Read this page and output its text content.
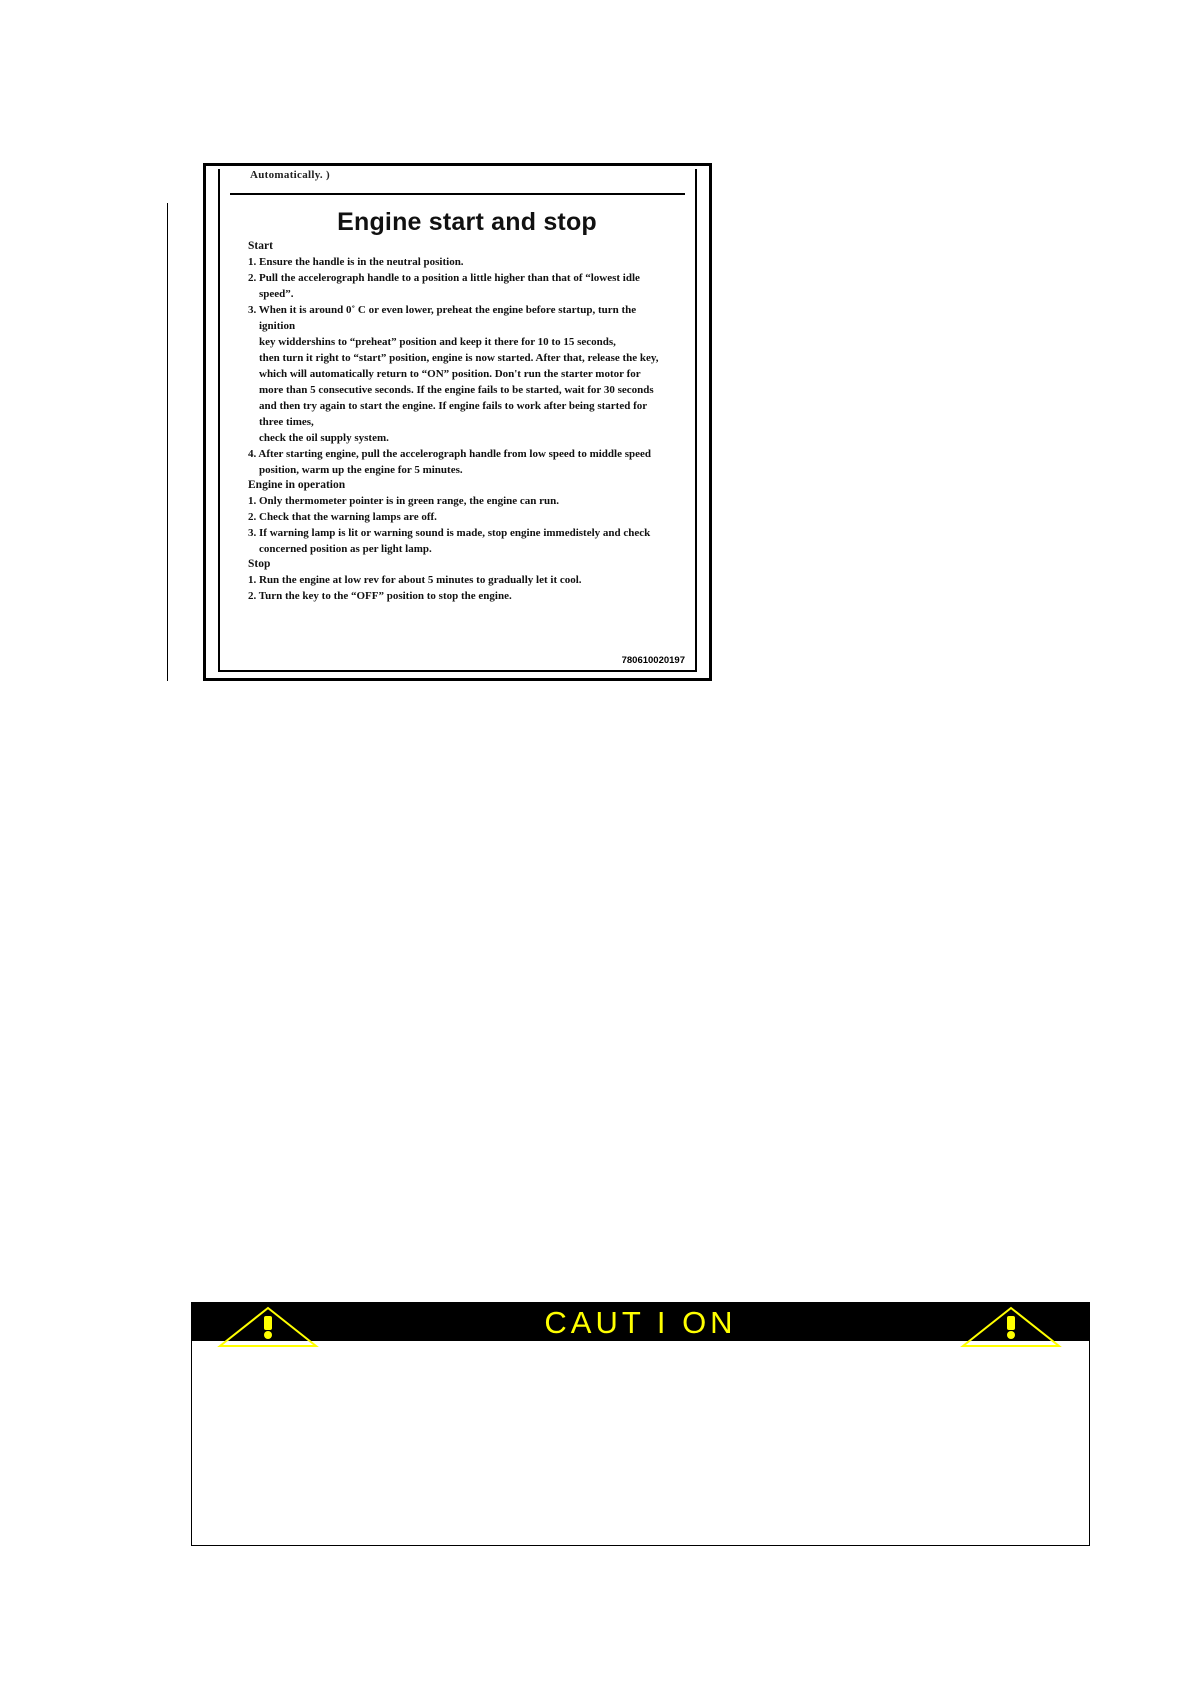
Automatically. )
Engine start and stop
Start
1. Ensure the handle is in the neutral position.
2. Pull the accelerograph handle to a position a little higher than that of “lowest idle
speed”.
3. When it is around 0˚ C or even lower, preheat the engine before startup, turn the
ignition
key widdershins to “preheat” position and keep it there for 10 to 15 seconds,
then turn it right to “start” position, engine is now started. After that, release the key,
which will automatically return to “ON” position. Don't run the starter motor for
more than 5 consecutive seconds. If the engine fails to be started, wait for 30 seconds
and then try again to start the engine. If engine fails to work after being started for
three times,
check the oil supply system.
4. After starting engine, pull the accelerograph handle from low speed to middle speed
position, warm up the engine for 5 minutes.
Engine in operation
1. Only thermometer pointer is in green range, the engine can run.
2. Check that the warning lamps are off.
3. If warning lamp is lit or warning sound is made, stop engine immedistely and check
concerned position as per light lamp.
Stop
1. Run the engine at low rev for about 5 minutes to gradually let it cool.
2. Turn the key to the “OFF” position to stop the engine.
780610020197
CAUT I ON
